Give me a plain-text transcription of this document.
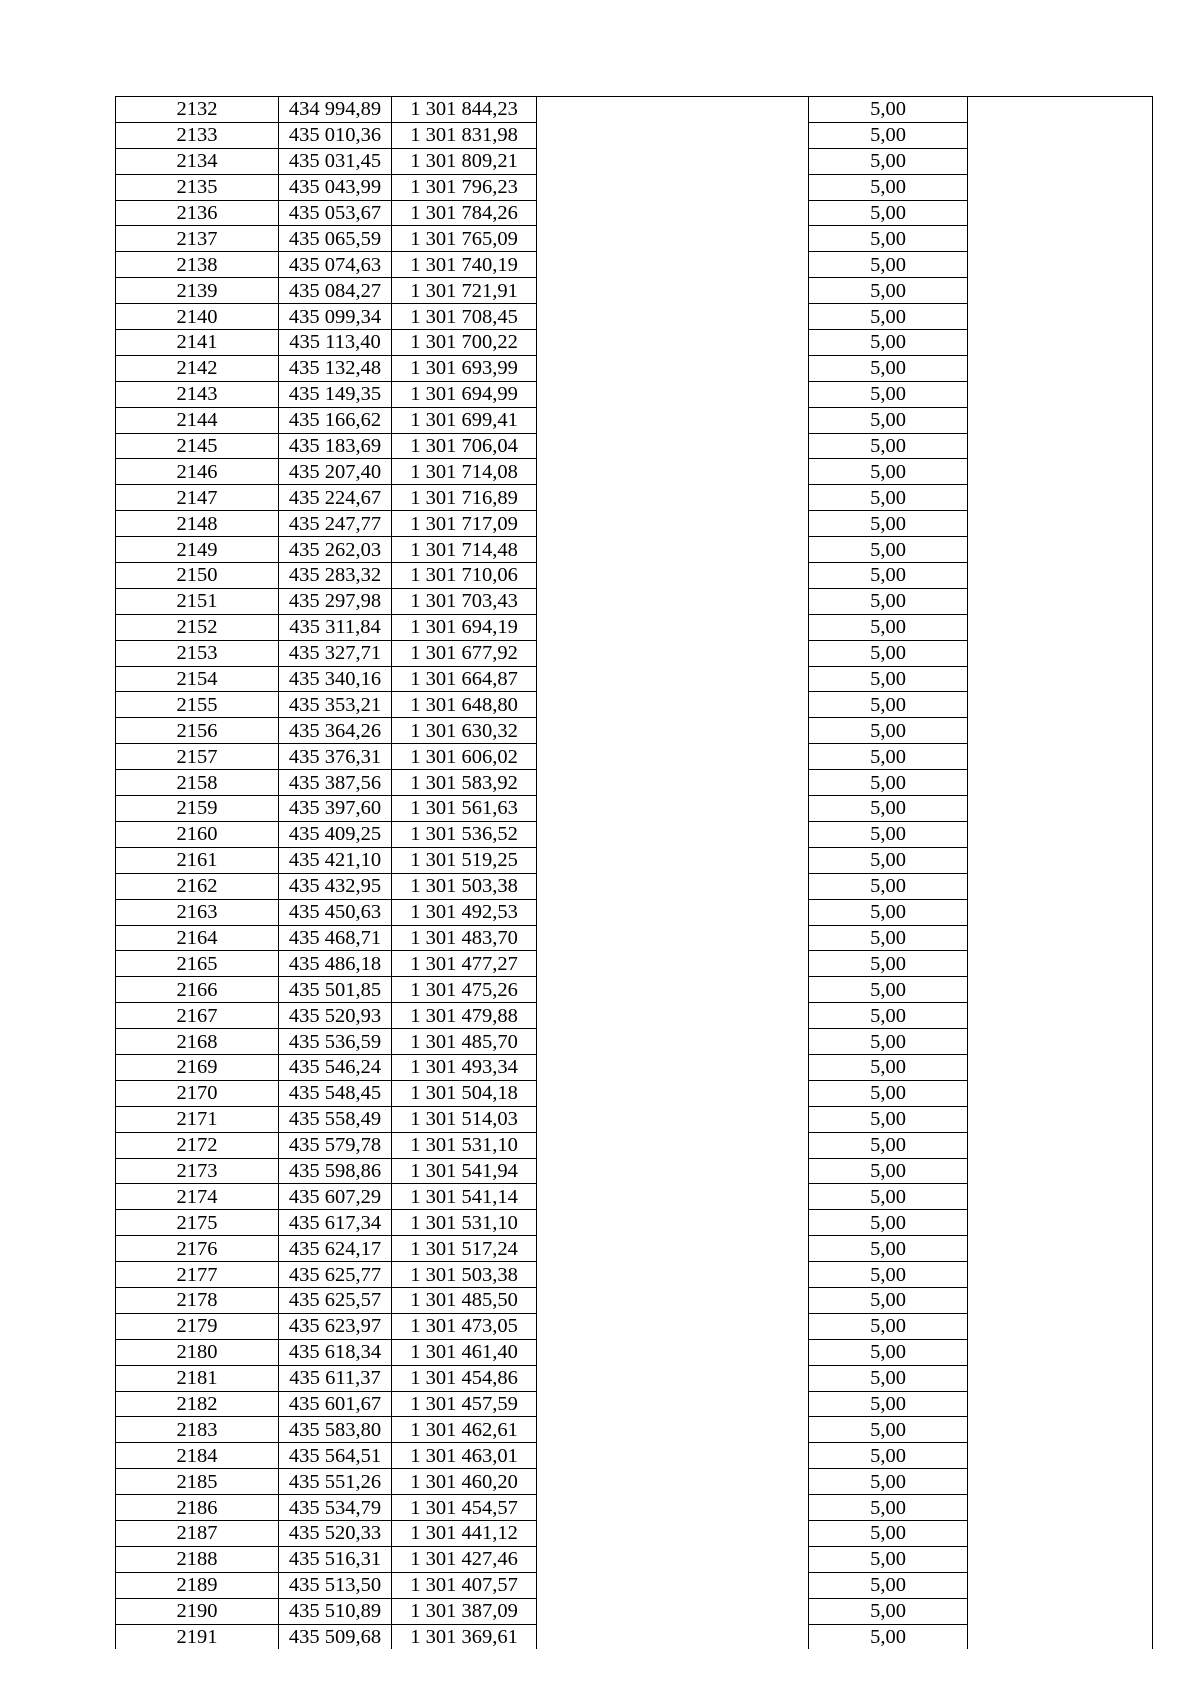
2132	434 994,89	1 301 844,23		5,00	
2133	435 010,36	1 301 831,98		5,00	
2134	435 031,45	1 301 809,21		5,00	
2135	435 043,99	1 301 796,23		5,00	
2136	435 053,67	1 301 784,26		5,00	
2137	435 065,59	1 301 765,09		5,00	
2138	435 074,63	1 301 740,19		5,00	
2139	435 084,27	1 301 721,91		5,00	
2140	435 099,34	1 301 708,45		5,00	
2141	435 113,40	1 301 700,22		5,00	
2142	435 132,48	1 301 693,99		5,00	
2143	435 149,35	1 301 694,99		5,00	
2144	435 166,62	1 301 699,41		5,00	
2145	435 183,69	1 301 706,04		5,00	
2146	435 207,40	1 301 714,08		5,00	
2147	435 224,67	1 301 716,89		5,00	
2148	435 247,77	1 301 717,09		5,00	
2149	435 262,03	1 301 714,48		5,00	
2150	435 283,32	1 301 710,06		5,00	
2151	435 297,98	1 301 703,43		5,00	
2152	435 311,84	1 301 694,19		5,00	
2153	435 327,71	1 301 677,92		5,00	
2154	435 340,16	1 301 664,87		5,00	
2155	435 353,21	1 301 648,80		5,00	
2156	435 364,26	1 301 630,32		5,00	
2157	435 376,31	1 301 606,02		5,00	
2158	435 387,56	1 301 583,92		5,00	
2159	435 397,60	1 301 561,63		5,00	
2160	435 409,25	1 301 536,52		5,00	
2161	435 421,10	1 301 519,25		5,00	
2162	435 432,95	1 301 503,38		5,00	
2163	435 450,63	1 301 492,53		5,00	
2164	435 468,71	1 301 483,70		5,00	
2165	435 486,18	1 301 477,27		5,00	
2166	435 501,85	1 301 475,26		5,00	
2167	435 520,93	1 301 479,88		5,00	
2168	435 536,59	1 301 485,70		5,00	
2169	435 546,24	1 301 493,34		5,00	
2170	435 548,45	1 301 504,18		5,00	
2171	435 558,49	1 301 514,03		5,00	
2172	435 579,78	1 301 531,10		5,00	
2173	435 598,86	1 301 541,94		5,00	
2174	435 607,29	1 301 541,14		5,00	
2175	435 617,34	1 301 531,10		5,00	
2176	435 624,17	1 301 517,24		5,00	
2177	435 625,77	1 301 503,38		5,00	
2178	435 625,57	1 301 485,50		5,00	
2179	435 623,97	1 301 473,05		5,00	
2180	435 618,34	1 301 461,40		5,00	
2181	435 611,37	1 301 454,86		5,00	
2182	435 601,67	1 301 457,59		5,00	
2183	435 583,80	1 301 462,61		5,00	
2184	435 564,51	1 301 463,01		5,00	
2185	435 551,26	1 301 460,20		5,00	
2186	435 534,79	1 301 454,57		5,00	
2187	435 520,33	1 301 441,12		5,00	
2188	435 516,31	1 301 427,46		5,00	
2189	435 513,50	1 301 407,57		5,00	
2190	435 510,89	1 301 387,09		5,00	
2191	435 509,68	1 301 369,61		5,00	
